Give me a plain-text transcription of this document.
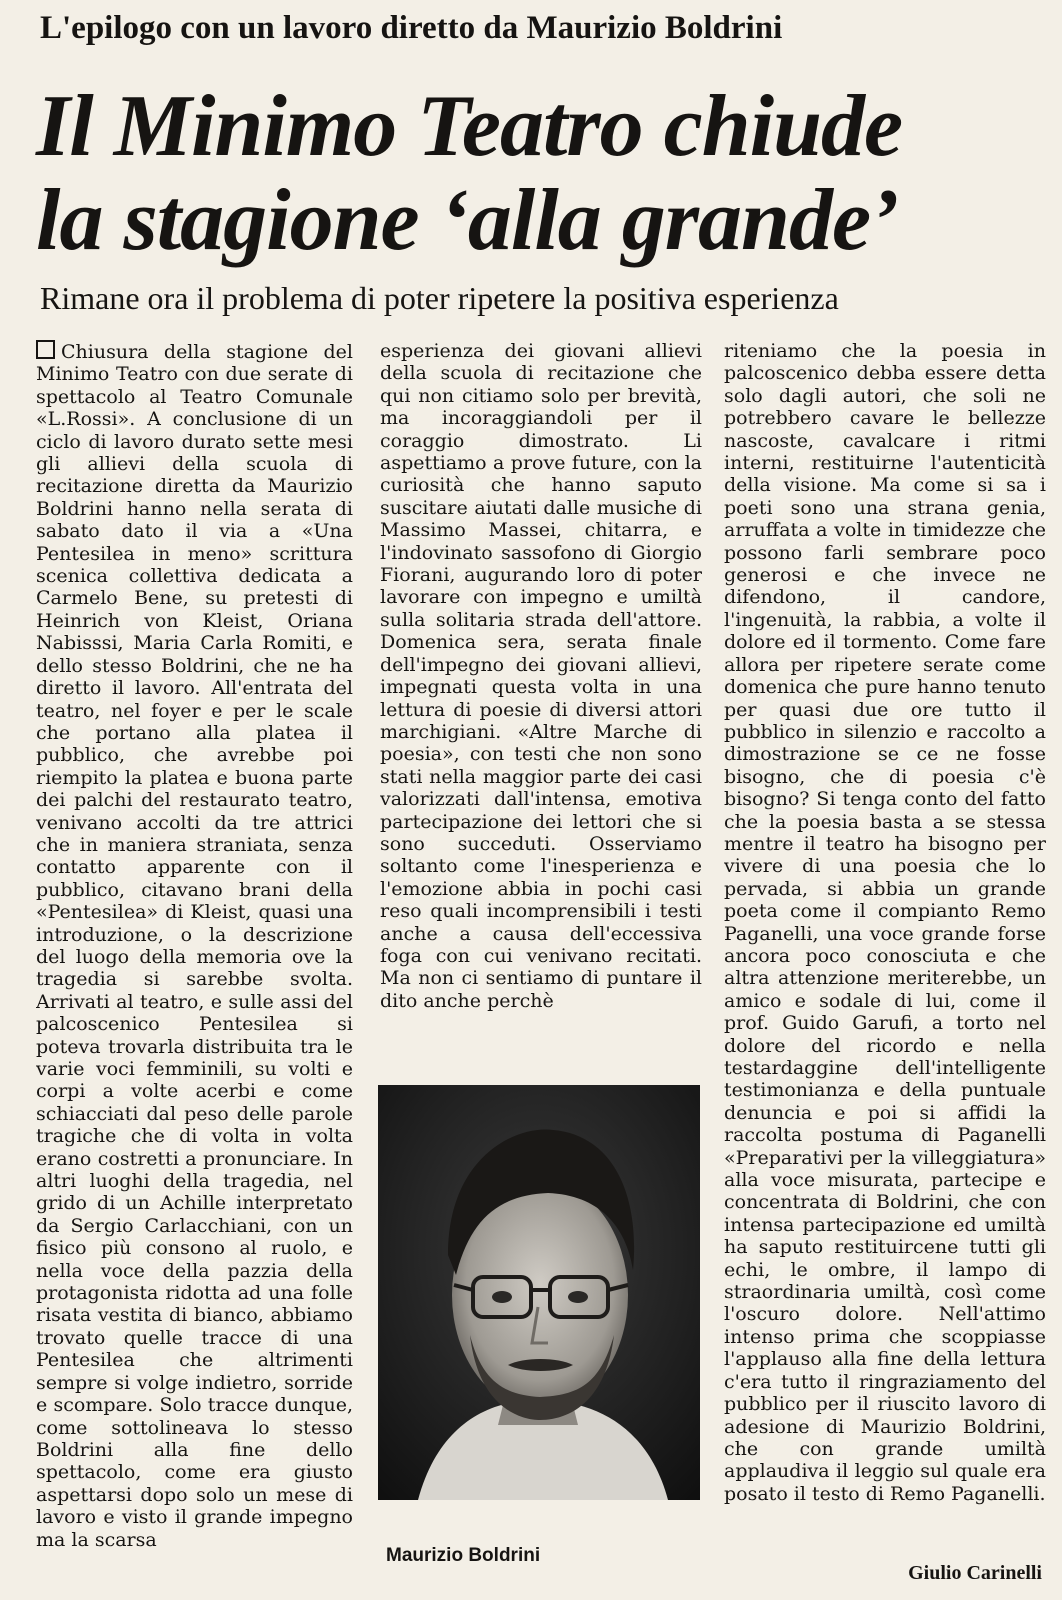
L'epilogo con un lavoro diretto da Maurizio Boldrini
Il Minimo Teatro chiude
la stagione ‘alla grande’
Rimane ora il problema di poter ripetere la positiva esperienza
Chiusura della stagione del Minimo Teatro con due serate di spettacolo al Teatro Comunale «L.Rossi». A conclusione di un ciclo di lavoro durato sette mesi gli allievi della scuola di recitazione diretta da Maurizio Boldrini hanno nella serata di sabato dato il via a «Una Pentesilea in meno» scrittura scenica collettiva dedicata a Carmelo Bene, su pretesti di Heinrich von Kleist, Oriana Nabisssi, Maria Carla Romiti, e dello stesso Boldrini, che ne ha diretto il lavoro. All'entrata del teatro, nel foyer e per le scale che portano alla platea il pubblico, che avrebbe poi riempito la platea e buona parte dei palchi del restaurato teatro, venivano accolti da tre attrici che in maniera straniata, senza contatto apparente con il pubblico, citavano brani della «Pentesilea» di Kleist, quasi una introduzione, o la descrizione del luogo della memoria ove la tragedia si sarebbe svolta. Arrivati al teatro, e sulle assi del palcoscenico Pentesilea si poteva trovarla distribuita tra le varie voci femminili, su volti e corpi a volte acerbi e come schiacciati dal peso delle parole tragiche che di volta in volta erano costretti a pronunciare. In altri luoghi della tragedia, nel grido di un Achille interpretato da Sergio Carlacchiani, con un fisico più consono al ruolo, e nella voce della pazzia della protagonista ridotta ad una folle risata vestita di bianco, abbiamo trovato quelle tracce di una Pentesilea che altrimenti sempre si volge indietro, sorride e scompare. Solo tracce dunque, come sottolineava lo stesso Boldrini alla fine dello spettacolo, come era giusto aspettarsi dopo solo un mese di lavoro e visto il grande impegno ma la scarsa
esperienza dei giovani allievi della scuola di recitazione che qui non citiamo solo per brevità, ma incoraggiandoli per il coraggio dimostrato. Li aspettiamo a prove future, con la curiosità che hanno saputo suscitare aiutati dalle musiche di Massimo Massei, chitarra, e l'indovinato sassofono di Giorgio Fiorani, augurando loro di poter lavorare con impegno e umiltà sulla solitaria strada dell'attore. Domenica sera, serata finale dell'impegno dei giovani allievi, impegnati questa volta in una lettura di poesie di diversi attori marchigiani. «Altre Marche di poesia», con testi che non sono stati nella maggior parte dei casi valorizzati dall'intensa, emotiva partecipazione dei lettori che si sono succeduti. Osserviamo soltanto come l'inesperienza e l'emozione abbia in pochi casi reso quali incomprensibili i testi anche a causa dell'eccessiva foga con cui venivano recitati. Ma non ci sentiamo di puntare il dito anche perchè
riteniamo che la poesia in palcoscenico debba essere detta solo dagli autori, che soli ne potrebbero cavare le bellezze nascoste, cavalcare i ritmi interni, restituirne l'autenticità della visione. Ma come si sa i poeti sono una strana genia, arruffata a volte in timidezze che possono farli sembrare poco generosi e che invece ne difendono, il candore, l'ingenuità, la rabbia, a volte il dolore ed il tormento. Come fare allora per ripetere serate come domenica che pure hanno tenuto per quasi due ore tutto il pubblico in silenzio e raccolto a dimostrazione se ce ne fosse bisogno, che di poesia c'è bisogno? Si tenga conto del fatto che la poesia basta a se stessa mentre il teatro ha bisogno per vivere di una poesia che lo pervada, si abbia un grande poeta come il compianto Remo Paganelli, una voce grande forse ancora poco conosciuta e che altra attenzione meriterebbe, un amico e sodale di lui, come il prof. Guido Garufi, a torto nel dolore del ricordo e nella testardaggine dell'intelligente testimonianza e della puntuale denuncia e poi si affidi la raccolta postuma di Paganelli «Preparativi per la villeggiatura» alla voce misurata, partecipe e concentrata di Boldrini, che con intensa partecipazione ed umiltà ha saputo restituircene tutti gli echi, le ombre, il lampo di straordinaria umiltà, così come l'oscuro dolore. Nell'attimo intenso prima che scoppiasse l'applauso alla fine della lettura c'era tutto il ringraziamento del pubblico per il riuscito lavoro di adesione di Maurizio Boldrini, che con grande umiltà applaudiva il leggio sul quale era posato il testo di Remo Paganelli.
Maurizio Boldrini
Giulio Carinelli
